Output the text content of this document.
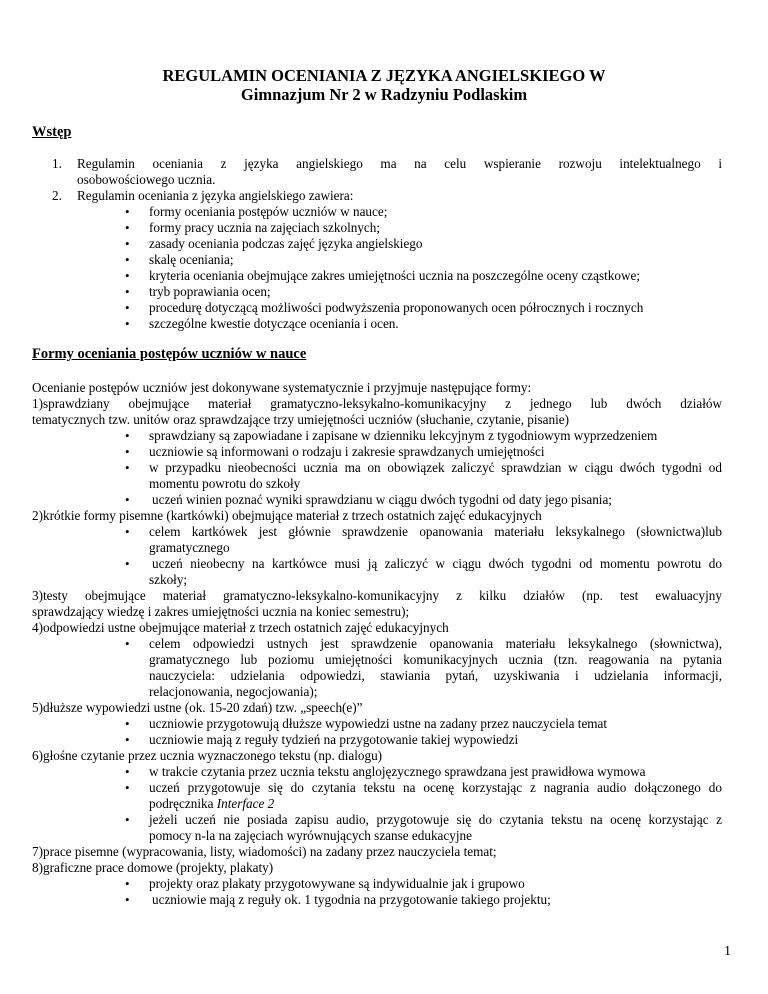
REGULAMIN OCENIANIA Z JĘZYKA ANGIELSKIEGO W
Gimnazjum Nr 2 w Radzyniu Podlaskim
Wstęp
1. Regulamin oceniania z języka angielskiego ma na celu wspieranie rozwoju intelektualnego i
osobowościowego ucznia.
2. Regulamin oceniania z języka angielskiego zawiera:
• formy oceniania postępów uczniów w nauce;
• formy pracy ucznia na zajęciach szkolnych;
• zasady oceniania podczas zajęć języka angielskiego
• skalę oceniania;
• kryteria oceniania obejmujące zakres umiejętności ucznia na poszczególne oceny cząstkowe;
• tryb poprawiania ocen;
• procedurę dotyczącą możliwości podwyższenia proponowanych ocen półrocznych i rocznych
• szczególne kwestie dotyczące oceniania i ocen.
Formy oceniania postępów uczniów w nauce
Ocenianie postępów uczniów jest dokonywane systematycznie i przyjmuje następujące formy:
1)sprawdziany obejmujące materiał gramatyczno-leksykalno-komunikacyjny z jednego lub dwóch działów
tematycznych tzw. unitów oraz sprawdzające trzy umiejętności uczniów (słuchanie, czytanie, pisanie)
• sprawdziany są zapowiadane i zapisane w dzienniku lekcyjnym z tygodniowym wyprzedzeniem
• uczniowie są informowani o rodzaju i zakresie sprawdzanych umiejętności
• w przypadku nieobecności ucznia ma on obowiązek zaliczyć sprawdzian w ciągu dwóch tygodni od
momentu powrotu do szkoły
• uczeń winien poznać wyniki sprawdzianu w ciągu dwóch tygodni od daty jego pisania;
2)krótkie formy pisemne (kartkówki) obejmujące materiał z trzech ostatnich zajęć edukacyjnych
• celem kartkówek jest głównie sprawdzenie opanowania materiału leksykalnego (słownictwa)lub
gramatycznego
• uczeń nieobecny na kartkówce musi ją zaliczyć w ciągu dwóch tygodni od momentu powrotu do
szkoły;
3)testy obejmujące materiał gramatyczno-leksykalno-komunikacyjny z kilku działów (np. test ewaluacyjny
sprawdzający wiedzę i zakres umiejętności ucznia na koniec semestru);
4)odpowiedzi ustne obejmujące materiał z trzech ostatnich zajęć edukacyjnych
• celem odpowiedzi ustnych jest sprawdzenie opanowania materiału leksykalnego (słownictwa),
gramatycznego lub poziomu umiejętności komunikacyjnych ucznia (tzn. reagowania na pytania
nauczyciela: udzielania odpowiedzi, stawiania pytań, uzyskiwania i udzielania informacji,
relacjonowania, negocjowania);
5)dłuższe wypowiedzi ustne (ok. 15-20 zdań) tzw. „speech(e)”
• uczniowie przygotowują dłuższe wypowiedzi ustne na zadany przez nauczyciela temat
• uczniowie mają z reguły tydzień na przygotowanie takiej wypowiedzi
6)głośne czytanie przez ucznia wyznaczonego tekstu (np. dialogu)
• w trakcie czytania przez ucznia tekstu anglojęzycznego sprawdzana jest prawidłowa wymowa
• uczeń przygotowuje się do czytania tekstu na ocenę korzystając z nagrania audio dołączonego do
podręcznika Interface 2
• jeżeli uczeń nie posiada zapisu audio, przygotowuje się do czytania tekstu na ocenę korzystając z
pomocy n-la na zajęciach wyrównujących szanse edukacyjne
7)prace pisemne (wypracowania, listy, wiadomości) na zadany przez nauczyciela temat;
8)graficzne prace domowe (projekty, plakaty)
• projekty oraz plakaty przygotowywane są indywidualnie jak i grupowo
• uczniowie mają z reguły ok. 1 tygodnia na przygotowanie takiego projektu;
1
